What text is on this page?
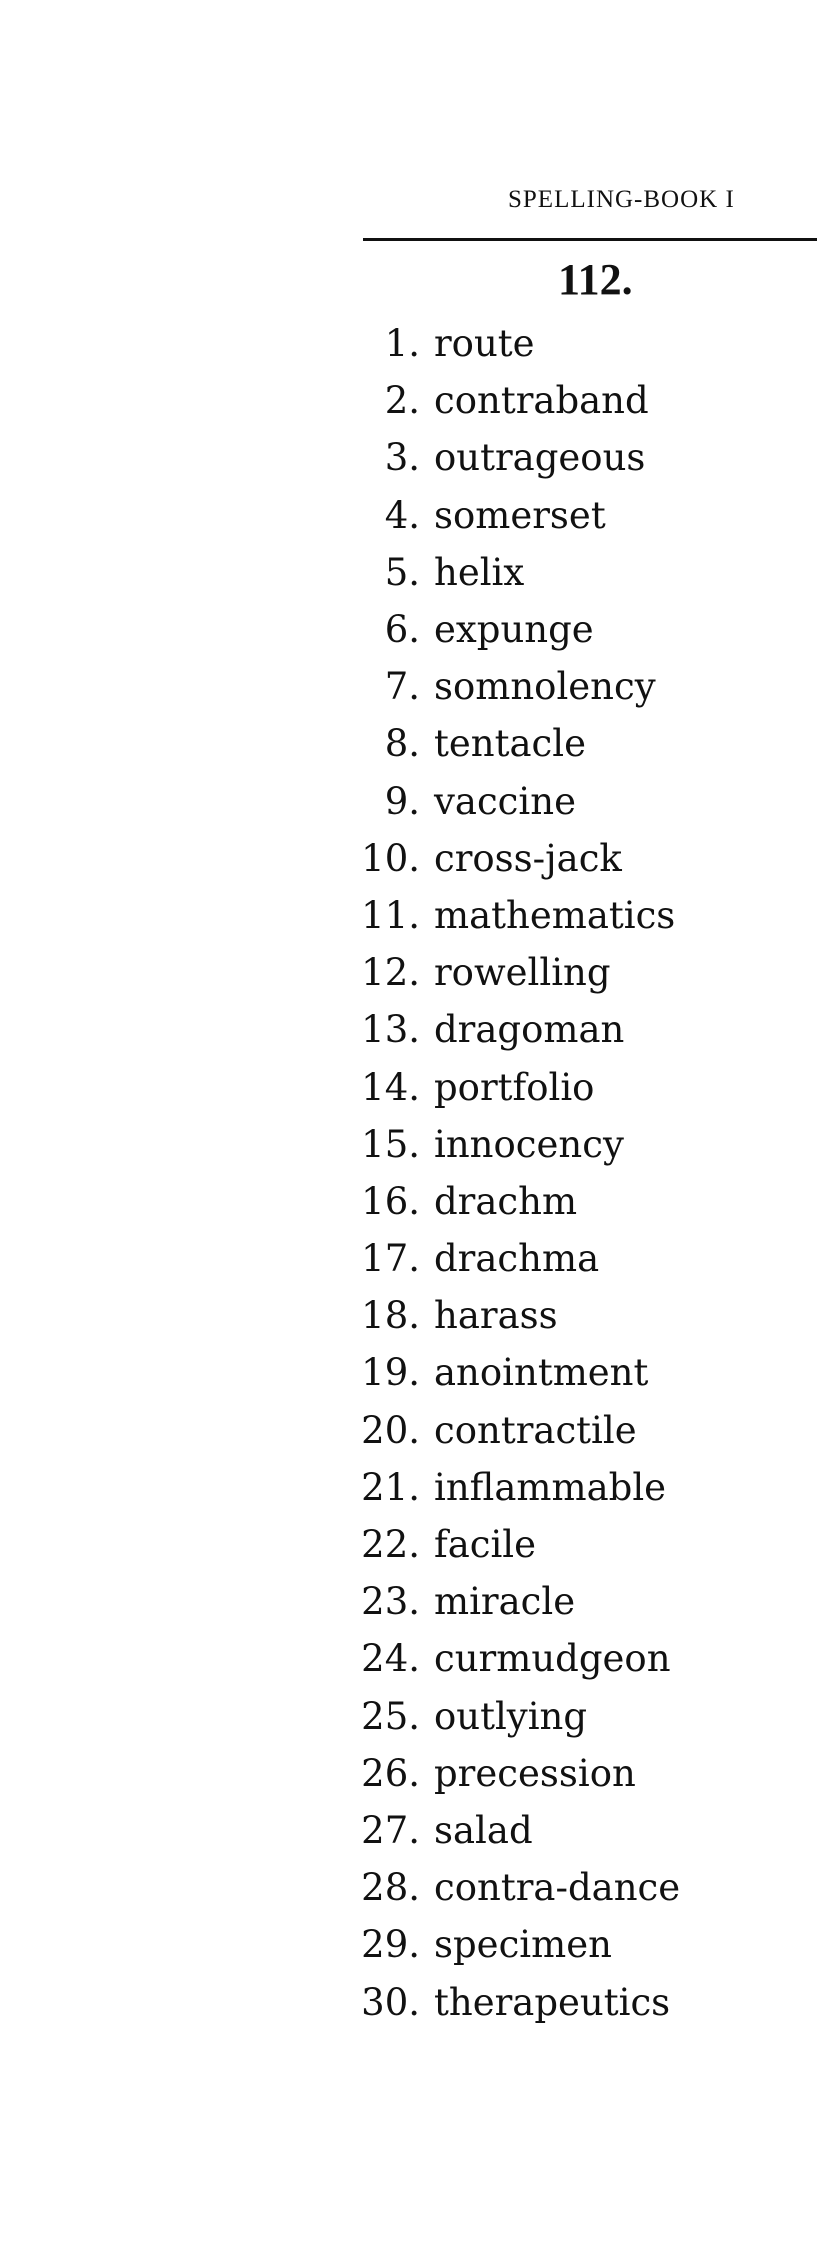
SPELLING-BOOK I
112.
1. route
2. contraband
3. outrageous
4. somerset
5. helix
6. expunge
7. somnolency
8. tentacle
9. vaccine
10. cross-jack
11. mathematics
12. rowelling
13. dragoman
14. portfolio
15. innocency
16. drachm
17. drachma
18. harass
19. anointment
20. contractile
21. inflammable
22. facile
23. miracle
24. curmudgeon
25. outlying
26. precession
27. salad
28. contra-dance
29. specimen
30. therapeutics
